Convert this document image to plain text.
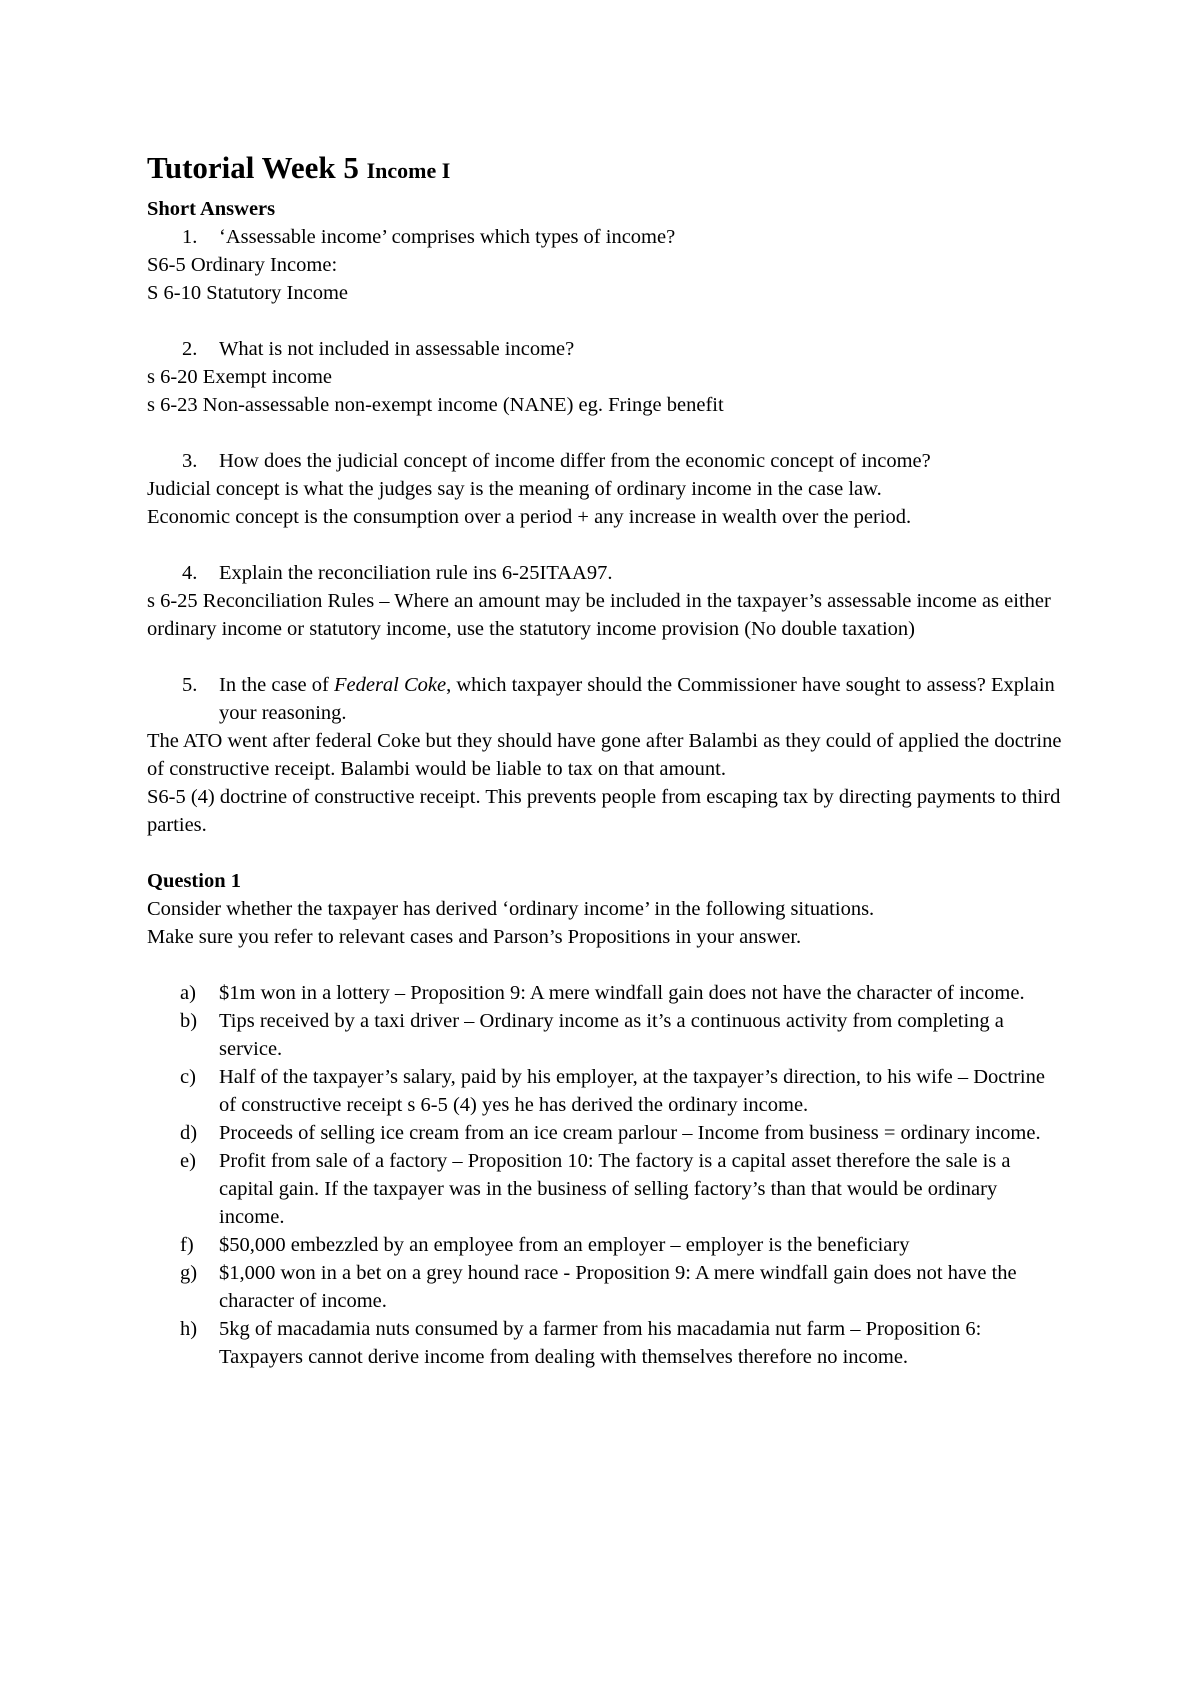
Tutorial Week 5 Income I
Short Answers
1. ‘Assessable income’ comprises which types of income?
S6-5 Ordinary Income:
S 6-10 Statutory Income
2. What is not included in assessable income?
s 6-20 Exempt income
s 6-23 Non-assessable non-exempt income (NANE) eg. Fringe benefit
3. How does the judicial concept of income differ from the economic concept of income?
Judicial concept is what the judges say is the meaning of ordinary income in the case law.
Economic concept is the consumption over a period + any increase in wealth over the period.
4. Explain the reconciliation rule ins 6-25ITAA97.
s 6-25 Reconciliation Rules – Where an amount may be included in the taxpayer’s assessable income as either ordinary income or statutory income, use the statutory income provision (No double taxation)
5. In the case of Federal Coke, which taxpayer should the Commissioner have sought to assess? Explain your reasoning.
The ATO went after federal Coke but they should have gone after Balambi as they could of applied the doctrine of constructive receipt. Balambi would be liable to tax on that amount.
S6-5 (4) doctrine of constructive receipt. This prevents people from escaping tax by directing payments to third parties.
Question 1
Consider whether the taxpayer has derived ‘ordinary income’ in the following situations.
Make sure you refer to relevant cases and Parson’s Propositions in your answer.
a) $1m won in a lottery – Proposition 9: A mere windfall gain does not have the character of income.
b) Tips received by a taxi driver – Ordinary income as it’s a continuous activity from completing a service.
c) Half of the taxpayer’s salary, paid by his employer, at the taxpayer’s direction, to his wife – Doctrine of constructive receipt s 6-5 (4) yes he has derived the ordinary income.
d) Proceeds of selling ice cream from an ice cream parlour – Income from business = ordinary income.
e) Profit from sale of a factory – Proposition 10: The factory is a capital asset therefore the sale is a capital gain. If the taxpayer was in the business of selling factory’s than that would be ordinary income.
f) $50,000 embezzled by an employee from an employer – employer is the beneficiary
g) $1,000 won in a bet on a grey hound race - Proposition 9: A mere windfall gain does not have the character of income.
h) 5kg of macadamia nuts consumed by a farmer from his macadamia nut farm – Proposition 6: Taxpayers cannot derive income from dealing with themselves therefore no income.
